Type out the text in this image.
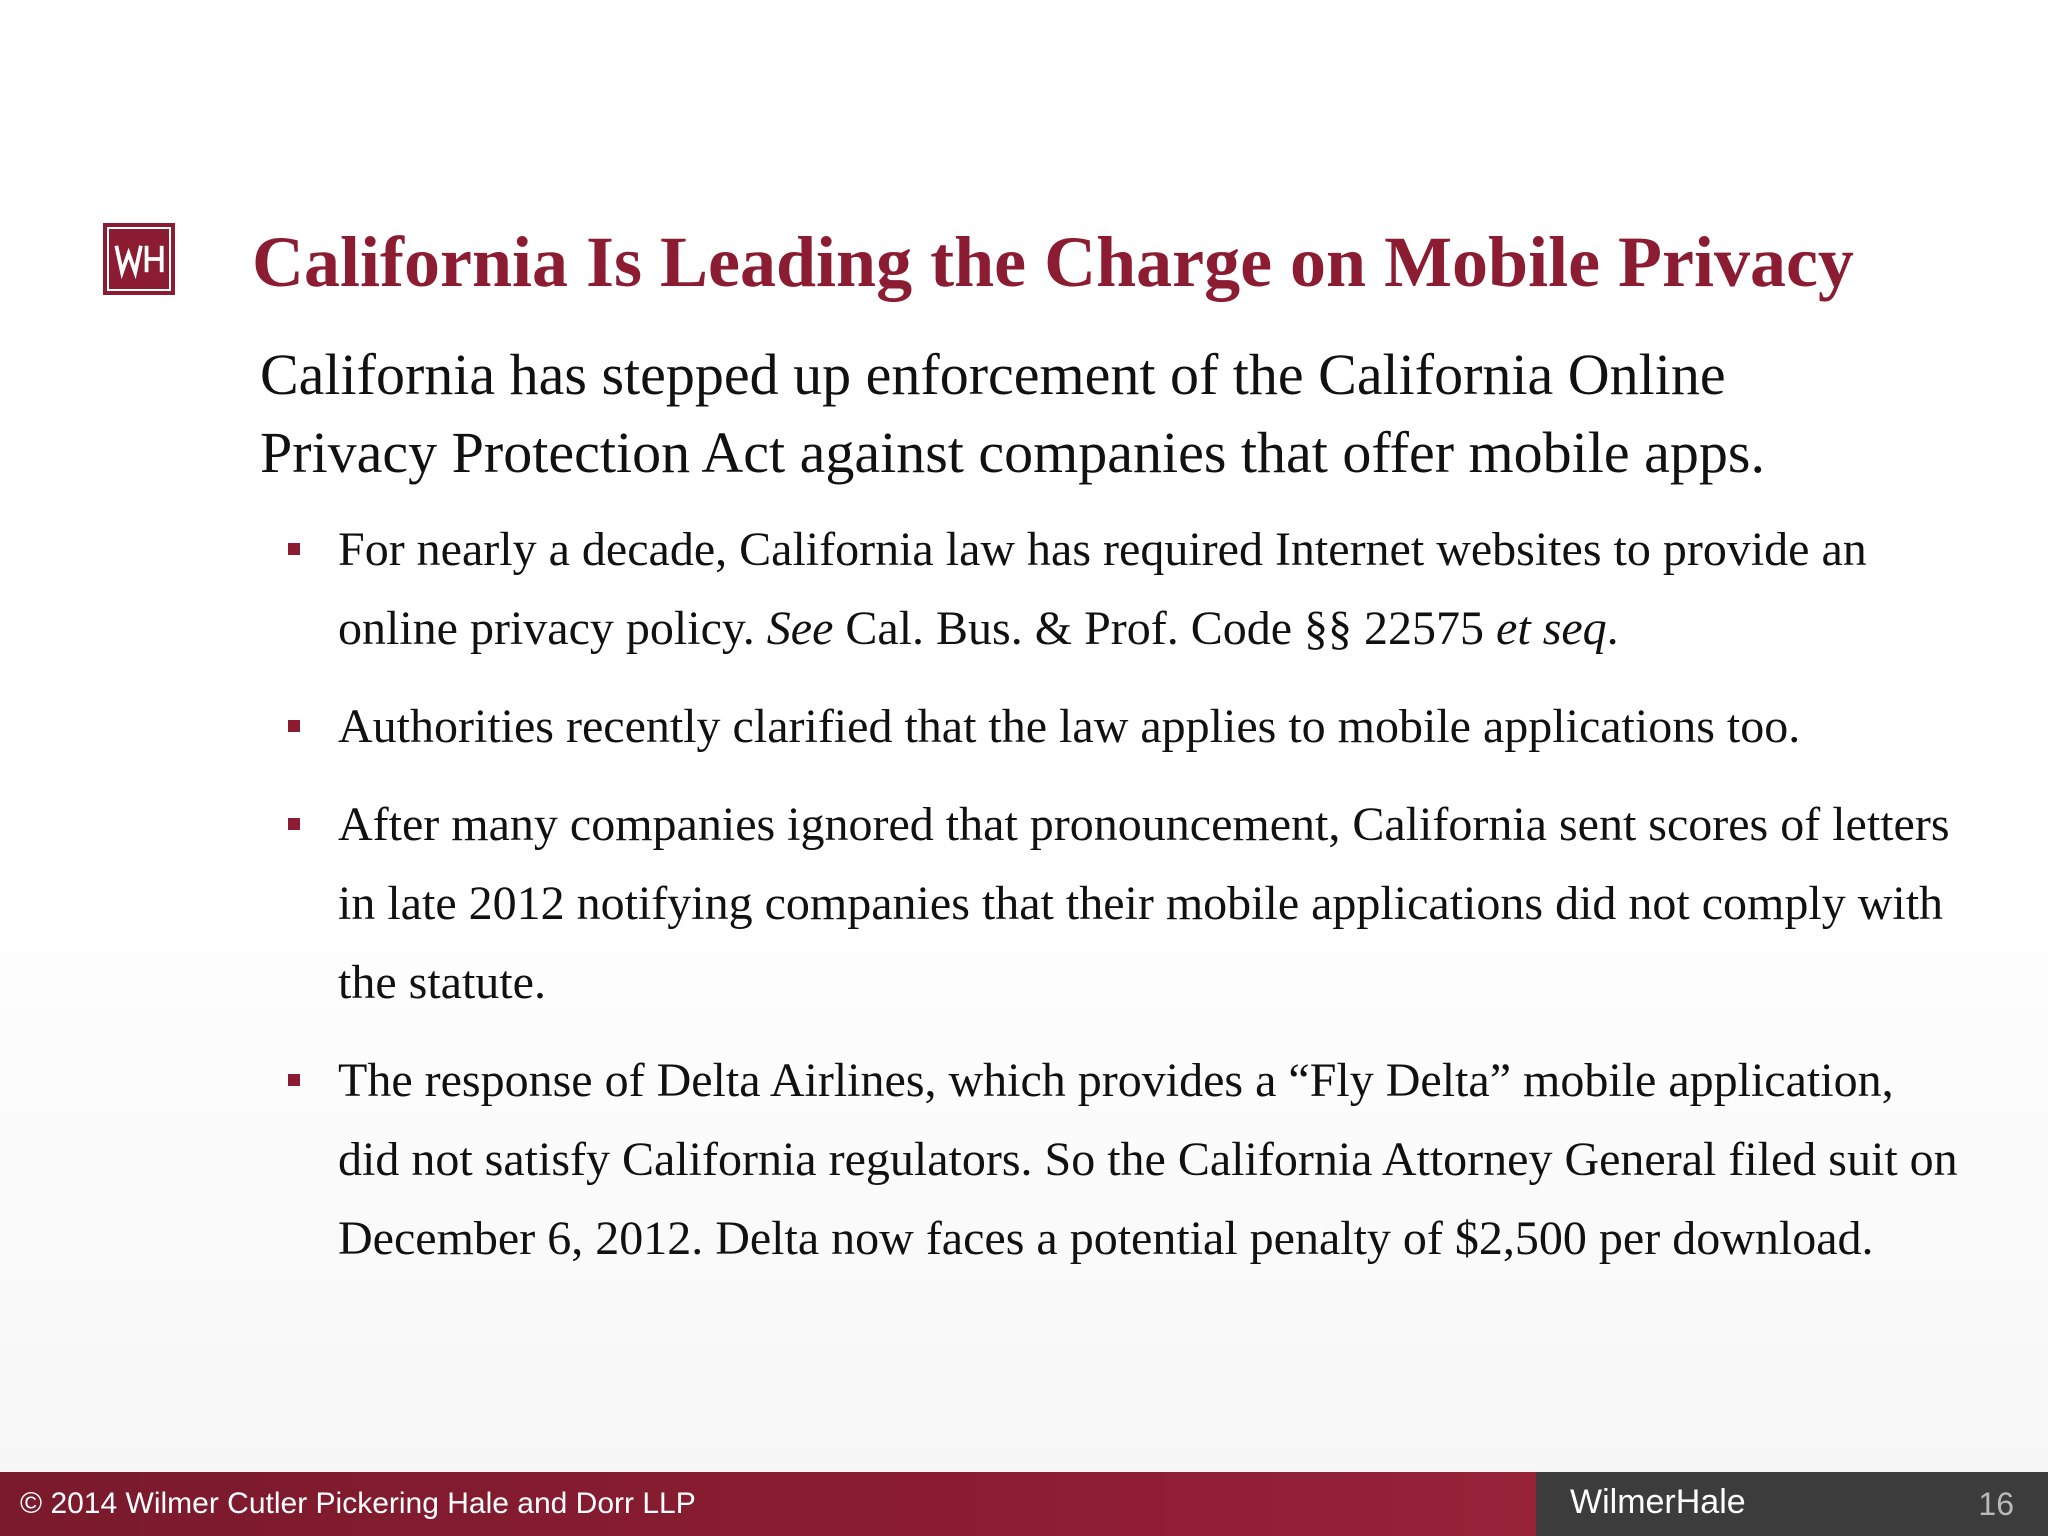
California Is Leading the Charge on Mobile Privacy

California has stepped up enforcement of the California Online Privacy Protection Act against companies that offer mobile apps.

For nearly a decade, California law has required Internet websites to provide an online privacy policy. See Cal. Bus. & Prof. Code §§ 22575 et seq.
Authorities recently clarified that the law applies to mobile applications too.
After many companies ignored that pronouncement, California sent scores of letters in late 2012 notifying companies that their mobile applications did not comply with the statute.
The response of Delta Airlines, which provides a “Fly Delta” mobile application, did not satisfy California regulators. So the California Attorney General filed suit on December 6, 2012. Delta now faces a potential penalty of $2,500 per download.
© 2014 Wilmer Cutler Pickering Hale and Dorr LLP	WilmerHale	16
